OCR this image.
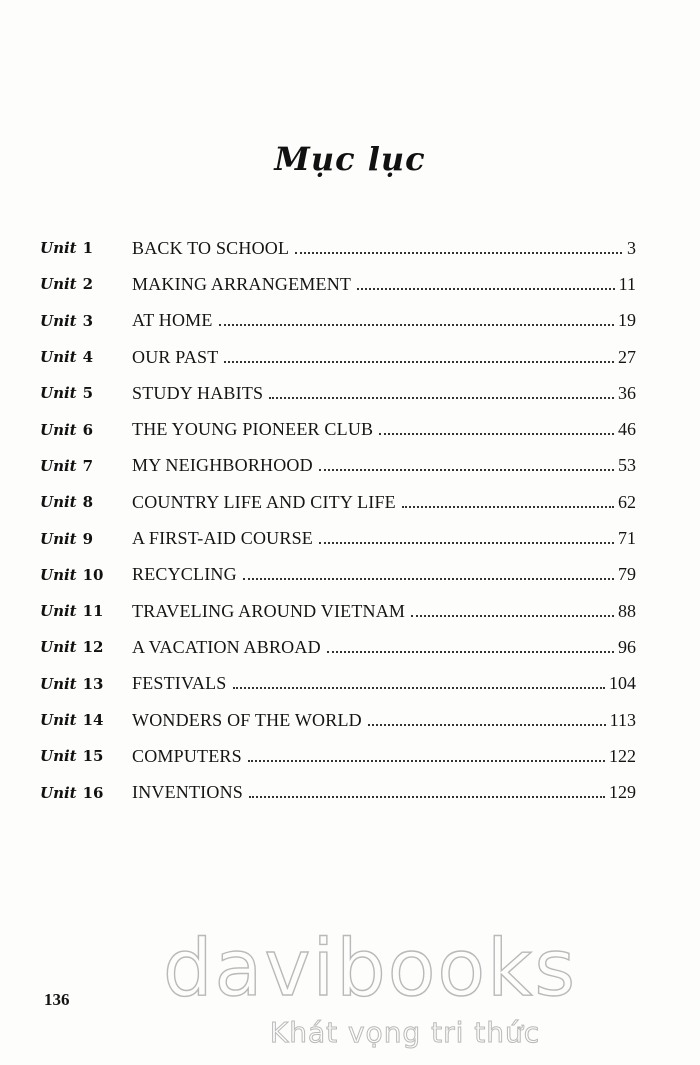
Mục lục
Unit 1	BACK TO SCHOOL	3
Unit 2	MAKING ARRANGEMENT	11
Unit 3	AT HOME	19
Unit 4	OUR PAST	27
Unit 5	STUDY HABITS	36
Unit 6	THE YOUNG PIONEER CLUB	46
Unit 7	MY NEIGHBORHOOD	53
Unit 8	COUNTRY LIFE AND CITY LIFE	62
Unit 9	A FIRST-AID COURSE	71
Unit 10	RECYCLING	79
Unit 11	TRAVELING AROUND VIETNAM	88
Unit 12	A VACATION ABROAD	96
Unit 13	FESTIVALS	104
Unit 14	WONDERS OF THE WORLD	113
Unit 15	COMPUTERS	122
Unit 16	INVENTIONS	129
136	davibooks
Khát vọng tri thức
